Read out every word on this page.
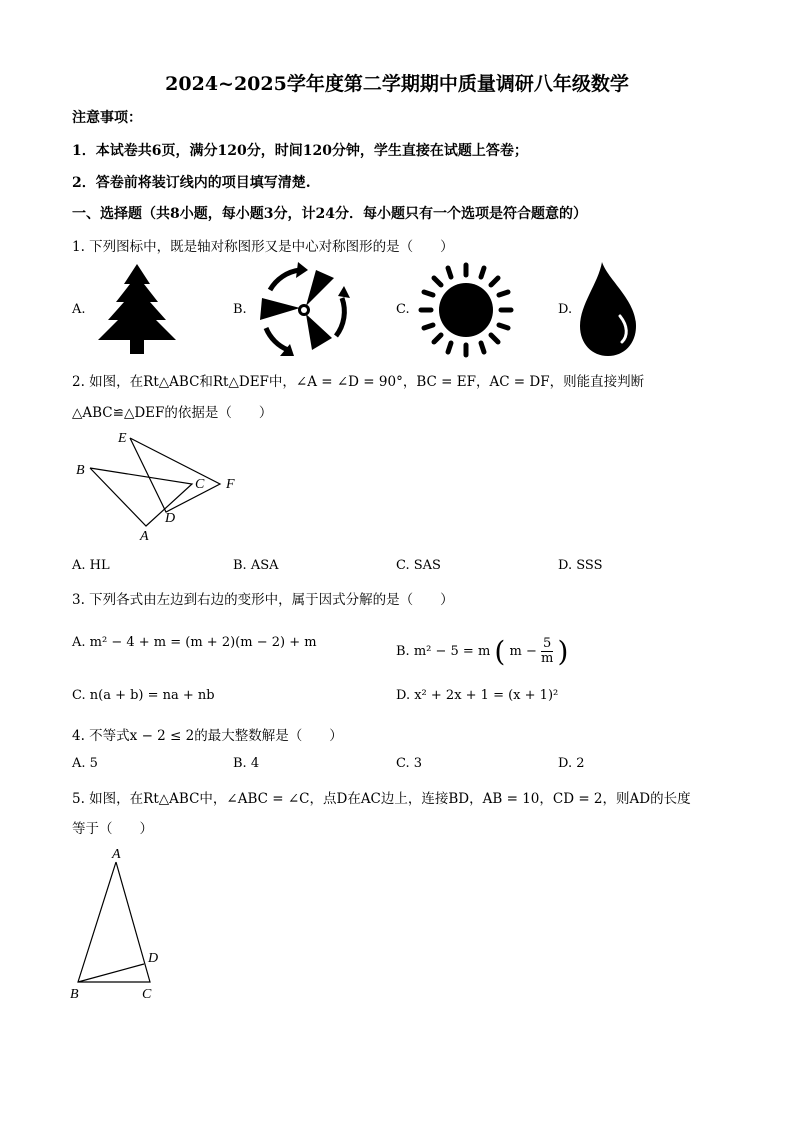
2024~2025学年度第二学期期中质量调研八年级数学
注意事项：
1．本试卷共6页，满分120分，时间120分钟，学生直接在试题上答卷；
2．答卷前将装订线内的项目填写清楚.
一、选择题（共8小题，每小题3分，计24分．每小题只有一个选项是符合题意的）
1. 下列图标中，既是轴对称图形又是中心对称图形的是（　　）
A.	B.	C.	D.
2. 如图，在Rt△ABC和Rt△DEF中，∠A = ∠D = 90°，BC = EF，AC = DF，则能直接判断
△ABC≌△DEF的依据是（　　）
E
B
C F
D
A
A. HL	B. ASA	C. SAS	D. SSS
3. 下列各式由左边到右边的变形中，属于因式分解的是（　　）
A. m² − 4 + m = (m + 2)(m − 2) + m
B. m² − 5 = m ( $m - \frac{5}{m}$ )
C. n(a + b) = na + nb	D. x² + 2x + 1 = (x + 1)²
4. 不等式x − 2 ≤ 2的最大整数解是（　　）
A. 5	B. 4	C. 3	D. 2
5. 如图，在Rt△ABC中，∠ABC = ∠C，点D在AC边上，连接BD，AB = 10，CD = 2，则AD的长度
等于（　　）
A
D
B	C
